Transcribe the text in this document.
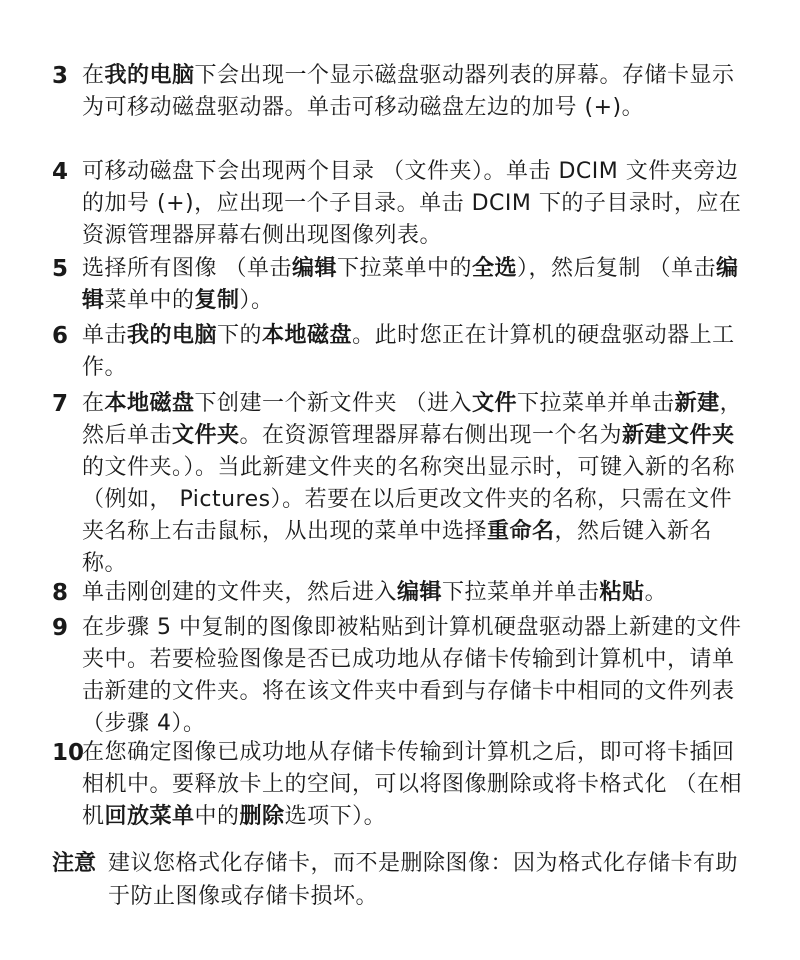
3 在我的电脑下会出现一个显示磁盘驱动器列表的屏幕。存储卡显示为可移动磁盘驱动器。单击可移动磁盘左边的加号 (+)。
4 可移动磁盘下会出现两个目录 （文件夹）。单击 DCIM 文件夹旁边的加号 (+)，应出现一个子目录。单击 DCIM 下的子目录时，应在资源管理器屏幕右侧出现图像列表。
5 选择所有图像 （单击编辑下拉菜单中的全选），然后复制 （单击编辑菜单中的复制）。
6 单击我的电脑下的本地磁盘。此时您正在计算机的硬盘驱动器上工作。
7 在本地磁盘下创建一个新文件夹 （进入文件下拉菜单并单击新建，然后单击文件夹。在资源管理器屏幕右侧出现一个名为新建文件夹的文件夹。）。当此新建文件夹的名称突出显示时，可键入新的名称 （例如， Pictures）。若要在以后更改文件夹的名称，只需在文件夹名称上右击鼠标，从出现的菜单中选择重命名，然后键入新名称。
8 单击刚创建的文件夹，然后进入编辑下拉菜单并单击粘贴。
9 在步骤 5 中复制的图像即被粘贴到计算机硬盘驱动器上新建的文件夹中。若要检验图像是否已成功地从存储卡传输到计算机中，请单击新建的文件夹。将在该文件夹中看到与存储卡中相同的文件列表 （步骤 4）。
10
在您确定图像已成功地从存储卡传输到计算机之后，即可将卡插回相机中。要释放卡上的空间，可以将图像删除或将卡格式化 （在相机回放菜单中的删除选项下）。
注意 建议您格式化存储卡，而不是删除图像：因为格式化存储卡有助于防止图像或存储卡损坏。
